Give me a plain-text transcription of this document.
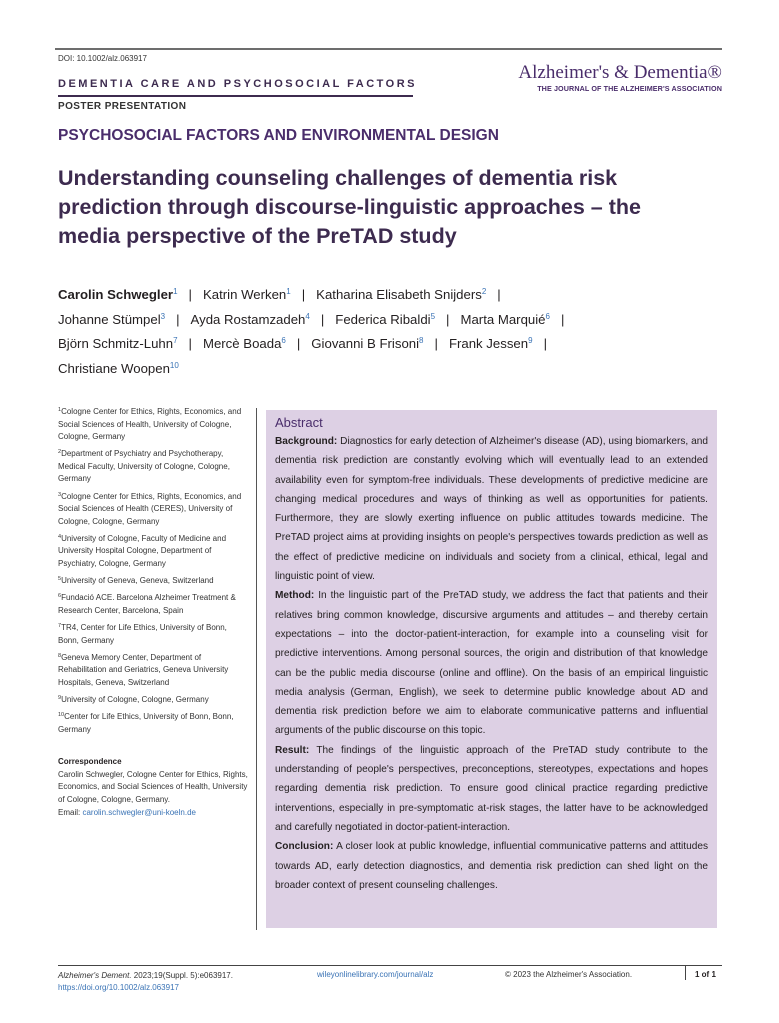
DOI: 10.1002/alz.063917
DEMENTIA CARE AND PSYCHOSOCIAL FACTORS
POSTER PRESENTATION
Alzheimer's & Dementia®
THE JOURNAL OF THE ALZHEIMER'S ASSOCIATION
PSYCHOSOCIAL FACTORS AND ENVIRONMENTAL DESIGN
Understanding counseling challenges of dementia risk prediction through discourse-linguistic approaches – the media perspective of the PreTAD study
Carolin Schwegler$^1$ | Katrin Werken$^1$ | Katharina Elisabeth Snijders$^2$ |
Johanne Stümpel$^3$ | Ayda Rostamzadeh$^4$ | Federica Ribaldi$^5$ | Marta Marquié$^6$ |
Björn Schmitz-Luhn$^7$ | Mercè Boada$^6$ | Giovanni B Frisoni$^8$ | Frank Jessen$^9$ |
Christiane Woopen$^{10}$
$^1$Cologne Center for Ethics, Rights, Economics, and Social Sciences of Health, University of Cologne, Cologne, Germany
$^2$Department of Psychiatry and Psychotherapy, Medical Faculty, University of Cologne, Cologne, Germany
$^3$Cologne Center for Ethics, Rights, Economics, and Social Sciences of Health (CERES), University of Cologne, Cologne, Germany
$^4$University of Cologne, Faculty of Medicine and University Hospital Cologne, Department of Psychiatry, Cologne, Germany
$^5$University of Geneva, Geneva, Switzerland
$^6$Fundació ACE. Barcelona Alzheimer Treatment & Research Center, Barcelona, Spain
$^7$TR4, Center for Life Ethics, University of Bonn, Bonn, Germany
$^8$Geneva Memory Center, Department of Rehabilitation and Geriatrics, Geneva University Hospitals, Geneva, Switzerland
$^9$University of Cologne, Cologne, Germany
$^{10}$Center for Life Ethics, University of Bonn, Bonn, Germany
Correspondence
Carolin Schwegler, Cologne Center for Ethics, Rights, Economics, and Social Sciences of Health, University of Cologne, Cologne, Germany.
Email: carolin.schwegler@uni-koeln.de
Abstract

Background: Diagnostics for early detection of Alzheimer's disease (AD), using biomarkers, and dementia risk prediction are constantly evolving which will eventually lead to an extended availability even for symptom-free individuals. These developments of predictive medicine are changing medical procedures and ways of thinking as well as opportunities for patients. Furthermore, they are slowly exerting influence on public attitudes towards medicine. The PreTAD project aims at providing insights on people's perspectives towards prediction as well as the effect of predictive medicine on individuals and society from a clinical, ethical, legal and linguistic point of view.

Method: In the linguistic part of the PreTAD study, we address the fact that patients and their relatives bring common knowledge, discursive arguments and attitudes – and thereby certain expectations – into the doctor-patient-interaction, for example into a counseling visit for predictive interventions. Among personal sources, the origin and distribution of that knowledge can be the public media discourse (online and offline). On the basis of an empirical linguistic media analysis (German, English), we seek to determine public knowledge about AD and dementia risk prediction before we aim to elaborate communicative patterns and influential arguments of the public discourse on this topic.

Result: The findings of the linguistic approach of the PreTAD study contribute to the understanding of people's perspectives, preconceptions, stereotypes, expectations and hopes regarding dementia risk prediction. To ensure good clinical practice regarding predictive interventions, especially in pre-symptomatic at-risk stages, the latter have to be acknowledged and carefully negotiated in doctor-patient-interaction.

Conclusion: A closer look at public knowledge, influential communicative patterns and attitudes towards AD, early detection diagnostics, and dementia risk prediction can shed light on the broader context of present counseling challenges.

Alzheimer's Dement. 2023;19(Suppl. 5):e063917.
https://doi.org/10.1002/alz.063917
wileyonlinelibrary.com/journal/alz	© 2023 the Alzheimer's Association.	1 of 1
